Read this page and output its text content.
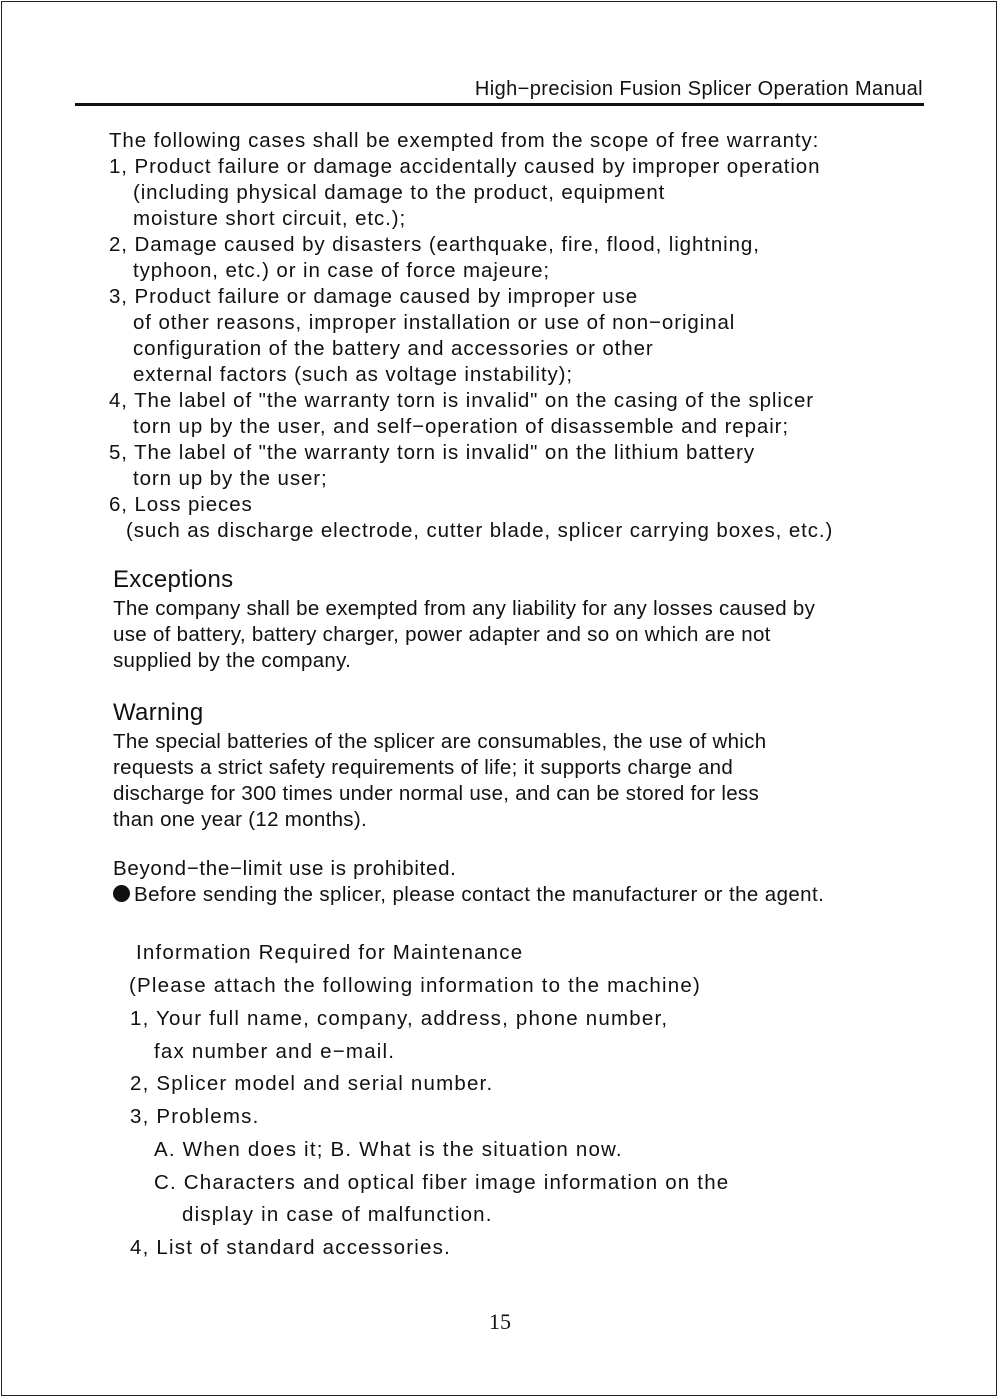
High−precision Fusion Splicer Operation Manual
The following cases shall be exempted from the scope of free warranty:
1, Product failure or damage accidentally caused by improper operation
(including physical damage to the product, equipment
moisture short circuit, etc.);
2, Damage caused by disasters (earthquake, fire, flood, lightning,
typhoon, etc.) or in case of force majeure;
3, Product failure or damage caused by improper use
of other reasons, improper installation or use of non−original
configuration of the battery and accessories or other
external factors (such as voltage instability);
4, The label of "the warranty torn is invalid" on the casing of the splicer
torn up by the user, and self−operation of disassemble and repair;
5, The label of "the warranty torn is invalid" on the lithium battery
torn up by the user;
6, Loss pieces
(such as discharge electrode, cutter blade, splicer carrying boxes, etc.)
Exceptions
The company shall be exempted from any liability for any losses caused by
use of battery, battery charger, power adapter and so on which are not
supplied by the company.
Warning
The special batteries of the splicer are consumables, the use of which
requests a strict safety requirements of life; it supports charge and
discharge for 300 times under normal use, and can be stored for less
than one year (12 months).
Beyond−the−limit use is prohibited.
Before sending the splicer, please contact the manufacturer or the agent.
Information Required for Maintenance
(Please attach the following information to the machine)
1, Your full name, company, address, phone number,
fax number and e−mail.
2, Splicer model and serial number.
3, Problems.
A. When does it; B. What is the situation now.
C. Characters and optical fiber image information on the
display in case of malfunction.
4, List of standard accessories.
15
